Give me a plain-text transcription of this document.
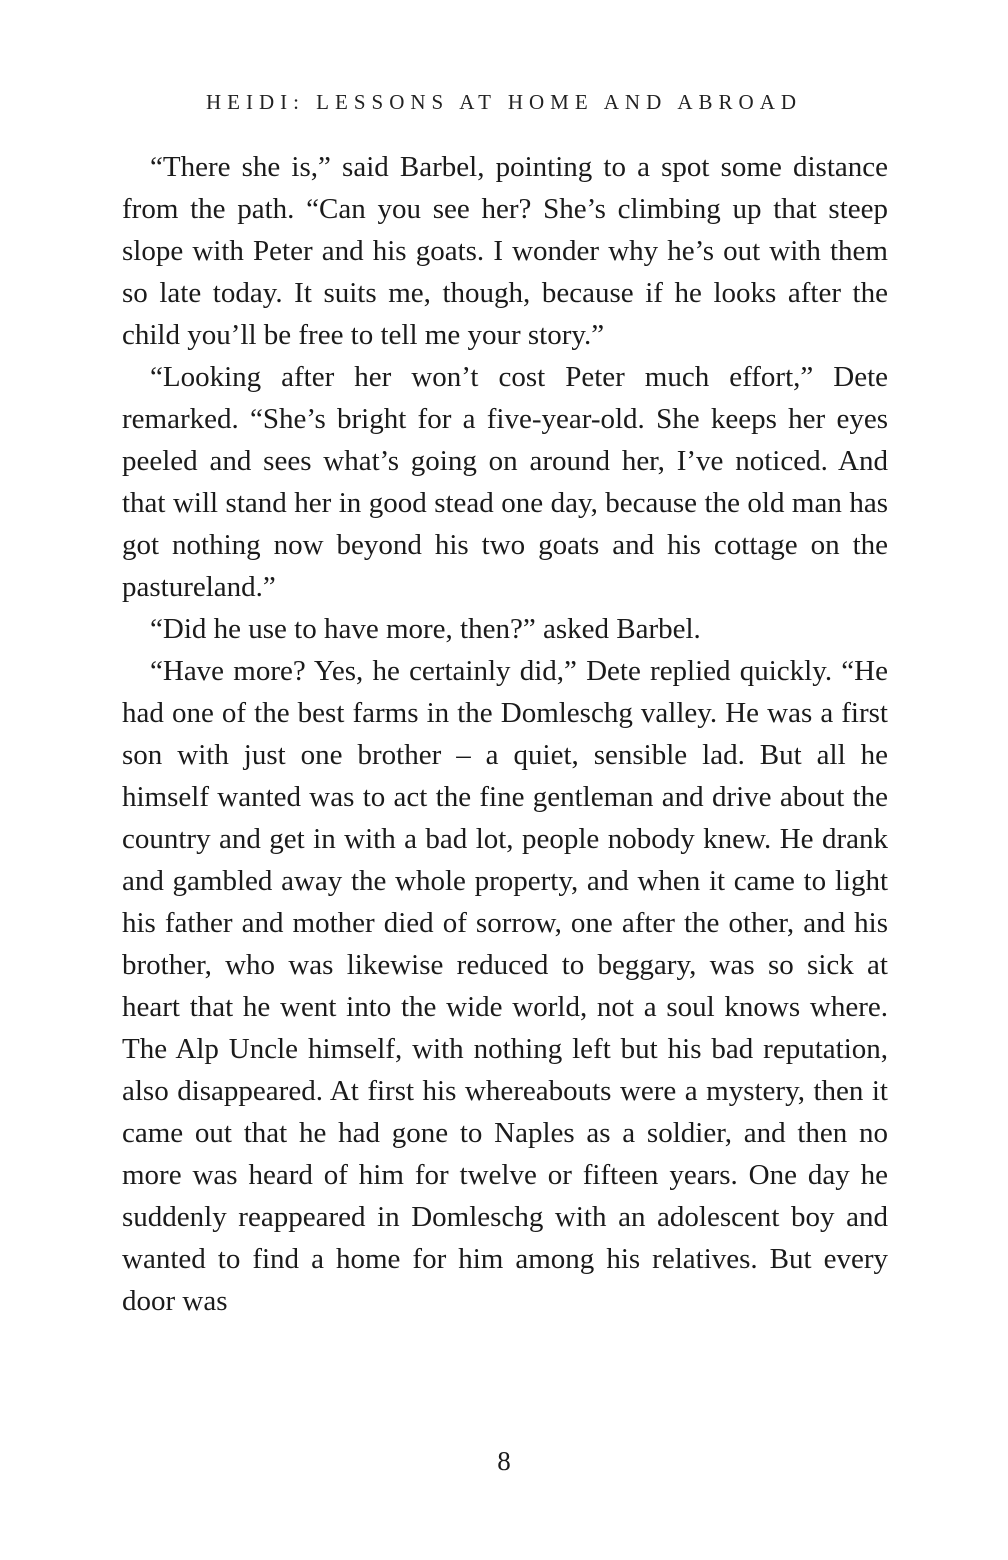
HEIDI: LESSONS AT HOME AND ABROAD

“There she is,” said Barbel, pointing to a spot some distance from the path. “Can you see her? She’s climbing up that steep slope with Peter and his goats. I wonder why he’s out with them so late today. It suits me, though, because if he looks after the child you’ll be free to tell me your story.”

“Looking after her won’t cost Peter much effort,” Dete remarked. “She’s bright for a five-year-old. She keeps her eyes peeled and sees what’s going on around her, I’ve noticed. And that will stand her in good stead one day, because the old man has got nothing now beyond his two goats and his cottage on the pastureland.”

“Did he use to have more, then?” asked Barbel.

“Have more? Yes, he certainly did,” Dete replied quickly. “He had one of the best farms in the Domleschg valley. He was a first son with just one brother – a quiet, sensible lad. But all he himself wanted was to act the fine gentleman and drive about the country and get in with a bad lot, people nobody knew. He drank and gambled away the whole property, and when it came to light his father and mother died of sorrow, one after the other, and his brother, who was likewise reduced to beggary, was so sick at heart that he went into the wide world, not a soul knows where. The Alp Uncle himself, with nothing left but his bad reputation, also disappeared. At first his whereabouts were a mystery, then it came out that he had gone to Naples as a soldier, and then no more was heard of him for twelve or fifteen years. One day he suddenly reappeared in Domleschg with an adolescent boy and wanted to find a home for him among his relatives. But every door was

8
